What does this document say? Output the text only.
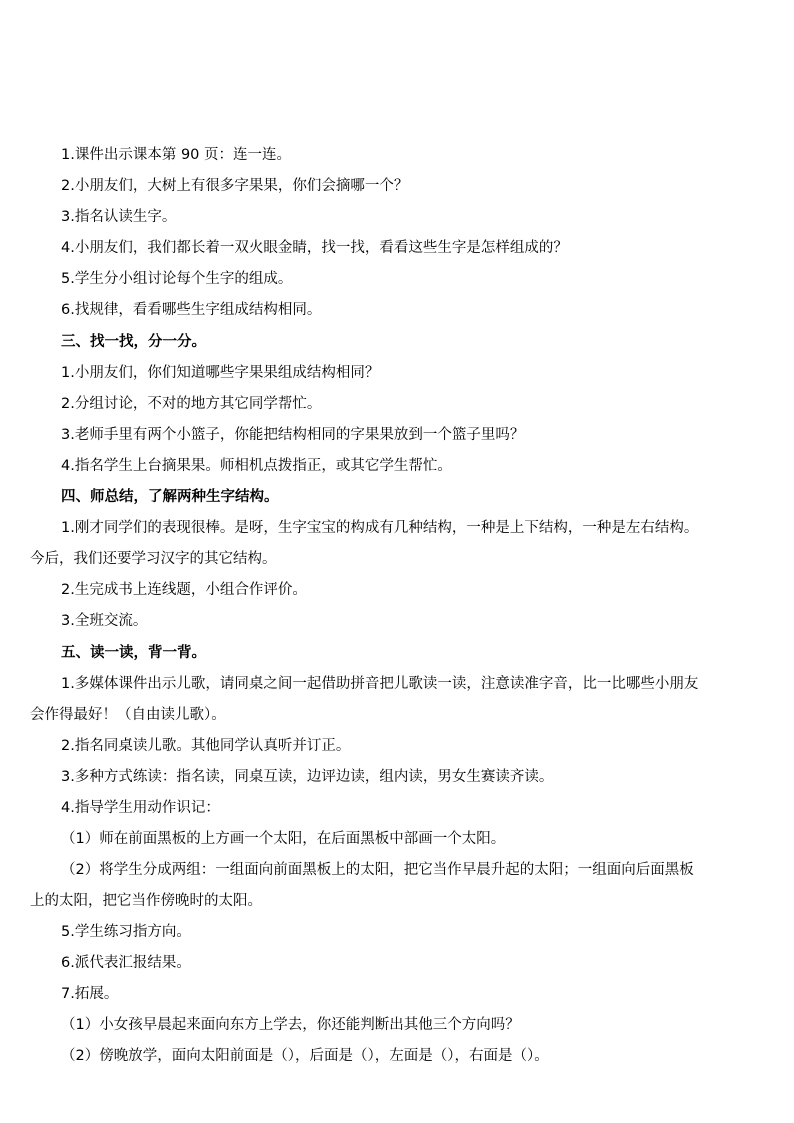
1.课件出示课本第 90 页：连一连。
2.小朋友们，大树上有很多字果果，你们会摘哪一个？
3.指名认读生字。
4.小朋友们，我们都长着一双火眼金睛，找一找，看看这些生字是怎样组成的？
5.学生分小组讨论每个生字的组成。
6.找规律，看看哪些生字组成结构相同。
三、找一找，分一分。
1.小朋友们，你们知道哪些字果果组成结构相同？
2.分组讨论，不对的地方其它同学帮忙。
3.老师手里有两个小篮子，你能把结构相同的字果果放到一个篮子里吗？
4.指名学生上台摘果果。师相机点拨指正，或其它学生帮忙。
四、师总结，了解两种生字结构。
1.刚才同学们的表现很棒。是呀，生字宝宝的构成有几种结构，一种是上下结构，一种是左右结构。
今后，我们还要学习汉字的其它结构。
2.生完成书上连线题，小组合作评价。
3.全班交流。
五、读一读，背一背。
1.多媒体课件出示儿歌，请同桌之间一起借助拼音把儿歌读一读，注意读准字音，比一比哪些小朋友
会作得最好！（自由读儿歌）。
2.指名同桌读儿歌。其他同学认真听并订正。
3.多种方式练读：指名读，同桌互读，边评边读，组内读，男女生赛读齐读。
4.指导学生用动作识记：
（1）师在前面黑板的上方画一个太阳，在后面黑板中部画一个太阳。
（2）将学生分成两组：一组面向前面黑板上的太阳，把它当作早晨升起的太阳；一组面向后面黑板
上的太阳，把它当作傍晚时的太阳。
5.学生练习指方向。
6.派代表汇报结果。
7.拓展。
（1）小女孩早晨起来面向东方上学去，你还能判断出其他三个方向吗？
（2）傍晚放学，面向太阳前面是（），后面是（），左面是（），右面是（）。
